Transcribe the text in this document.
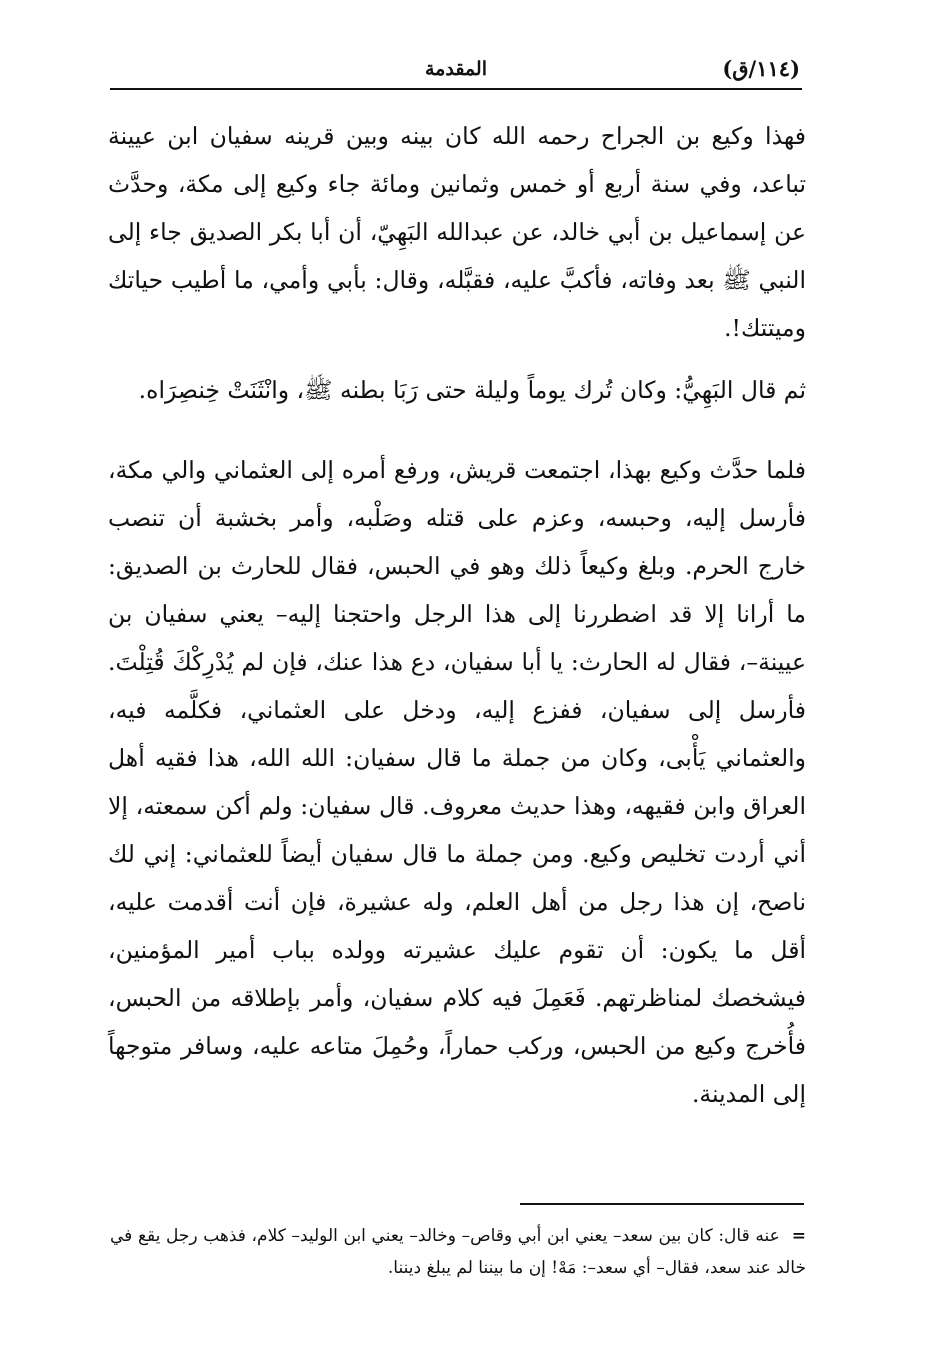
(١١٤/ق)
المقدمة

فهذا وكيع بن الجراح رحمه الله كان بينه وبين قرينه سفيان ابن عيينة تباعد، وفي سنة أربع أو خمس وثمانين ومائة جاء وكيع إلى مكة، وحدَّث عن إسماعيل بن أبي خالد، عن عبدالله البَهِيّ، أن أبا بكر الصديق جاء إلى النبي ﷺ بعد وفاته، فأكبَّ عليه، فقبَّله، وقال: بأبي وأمي، ما أطيب حياتك وميتتك!.

ثم قال البَهِيُّ: وكان تُرك يوماً وليلة حتى رَبَا بطنه ﷺ، وانْثَنَتْ خِنصِرَاه.

فلما حدَّث وكيع بهذا، اجتمعت قريش، ورفع أمره إلى العثماني والي مكة، فأرسل إليه، وحبسه، وعزم على قتله وصَلْبه، وأمر بخشبة أن تنصب خارج الحرم. وبلغ وكيعاً ذلك وهو في الحبس، فقال للحارث بن الصديق: ما أرانا إلا قد اضطررنا إلى هذا الرجل واحتجنا إليه– يعني سفيان بن عيينة–، فقال له الحارث: يا أبا سفيان، دع هذا عنك، فإن لم يُدْرِكْكَ قُتِلْتَ. فأرسل إلى سفيان، ففزع إليه، ودخل على العثماني، فكلَّمه فيه، والعثماني يَأْبى، وكان من جملة ما قال سفيان: الله الله، هذا فقيه أهل العراق وابن فقيهه، وهذا حديث معروف. قال سفيان: ولم أكن سمعته، إلا أني أردت تخليص وكيع. ومن جملة ما قال سفيان أيضاً للعثماني: إني لك ناصح، إن هذا رجل من أهل العلم، وله عشيرة، فإن أنت أقدمت عليه، أقل ما يكون: أن تقوم عليك عشيرته وولده بباب أمير المؤمنين، فيشخصك لمناظرتهم. فَعَمِلَ فيه كلام سفيان، وأمر بإطلاقه من الحبس، فأُخرج وكيع من الحبس، وركب حماراً، وحُمِلَ متاعه عليه، وسافر متوجهاً إلى المدينة.

=عنه قال: كان بين سعد– يعني ابن أبي وقاص– وخالد– يعني ابن الوليد– كلام، فذهب رجل يقع في خالد عند سعد، فقال– أي سعد–: مَهْ! إن ما بيننا لم يبلغ ديننا.
